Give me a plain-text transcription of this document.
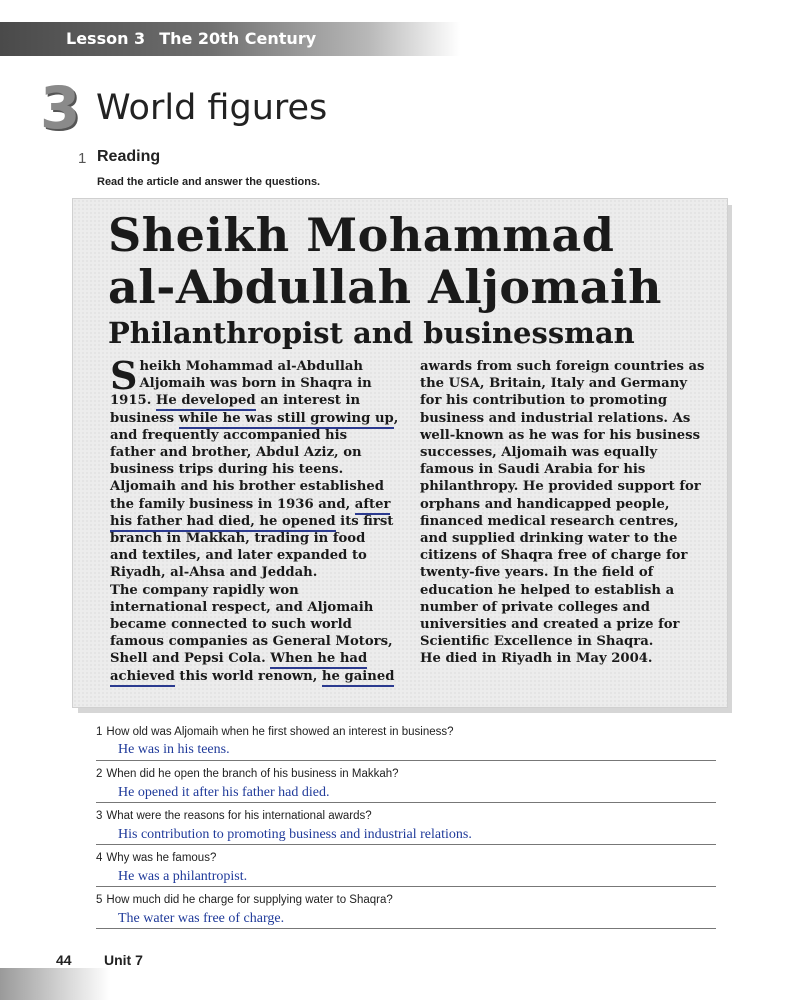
Lesson 3 The 20th Century
3 World figures
1 Reading
Read the article and answer the questions.
Sheikh Mohammad
al-Abdullah Aljomaih
Philanthropist and businessman
S heikh Mohammad al-Abdullah
Aljomaih was born in Shaqra in
1915. He developed an interest in
business while he was still growing up,
and frequently accompanied his
father and brother, Abdul Aziz, on
business trips during his teens.
Aljomaih and his brother established
the family business in 1936 and, after
his father had died, he opened its first
branch in Makkah, trading in food
and textiles, and later expanded to
Riyadh, al-Ahsa and Jeddah.
The company rapidly won
international respect, and Aljomaih
became connected to such world
famous companies as General Motors,
Shell and Pepsi Cola. When he had
achieved this world renown, he gained
awards from such foreign countries as
the USA, Britain, Italy and Germany
for his contribution to promoting
business and industrial relations. As
well-known as he was for his business
successes, Aljomaih was equally
famous in Saudi Arabia for his
philanthropy. He provided support for
orphans and handicapped people,
financed medical research centres,
and supplied drinking water to the
citizens of Shaqra free of charge for
twenty-five years. In the field of
education he helped to establish a
number of private colleges and
universities and created a prize for
Scientific Excellence in Shaqra.
He died in Riyadh in May 2004.
1 How old was Aljomaih when he first showed an interest in business?
He was in his teens.
2 When did he open the branch of his business in Makkah?
He opened it after his father had died.
3 What were the reasons for his international awards?
His contribution to promoting business and industrial relations.
4 Why was he famous?
He was a philantropist.
5 How much did he charge for supplying water to Shaqra?
The water was free of charge.
44 Unit 7
